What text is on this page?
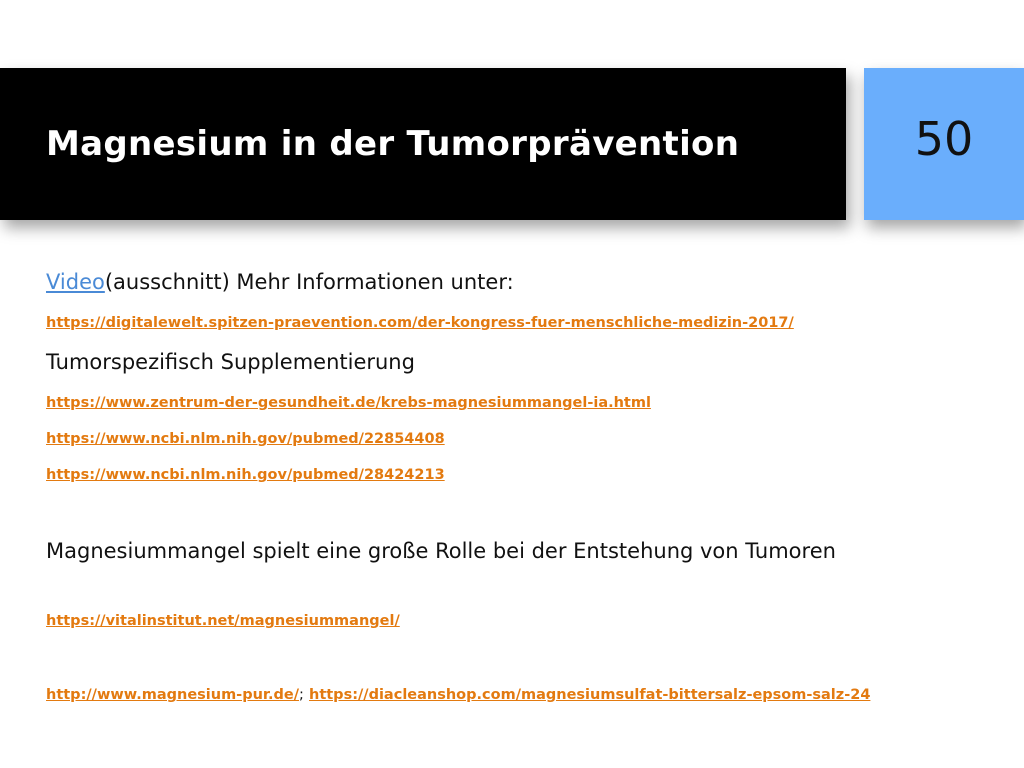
Magnesium in der Tumorprävention	50
Video(ausschnitt) Mehr Informationen unter:
https://digitalewelt.spitzen-praevention.com/der-kongress-fuer-menschliche-medizin-2017/
Tumorspezifisch Supplementierung
https://www.zentrum-der-gesundheit.de/krebs-magnesiummangel-ia.html
https://www.ncbi.nlm.nih.gov/pubmed/22854408
https://www.ncbi.nlm.nih.gov/pubmed/28424213
Magnesiummangel spielt eine große Rolle bei der Entstehung von Tumoren
https://vitalinstitut.net/magnesiummangel/
http://www.magnesium-pur.de/; https://diacleanshop.com/magnesiumsulfat-bittersalz-epsom-salz-24
